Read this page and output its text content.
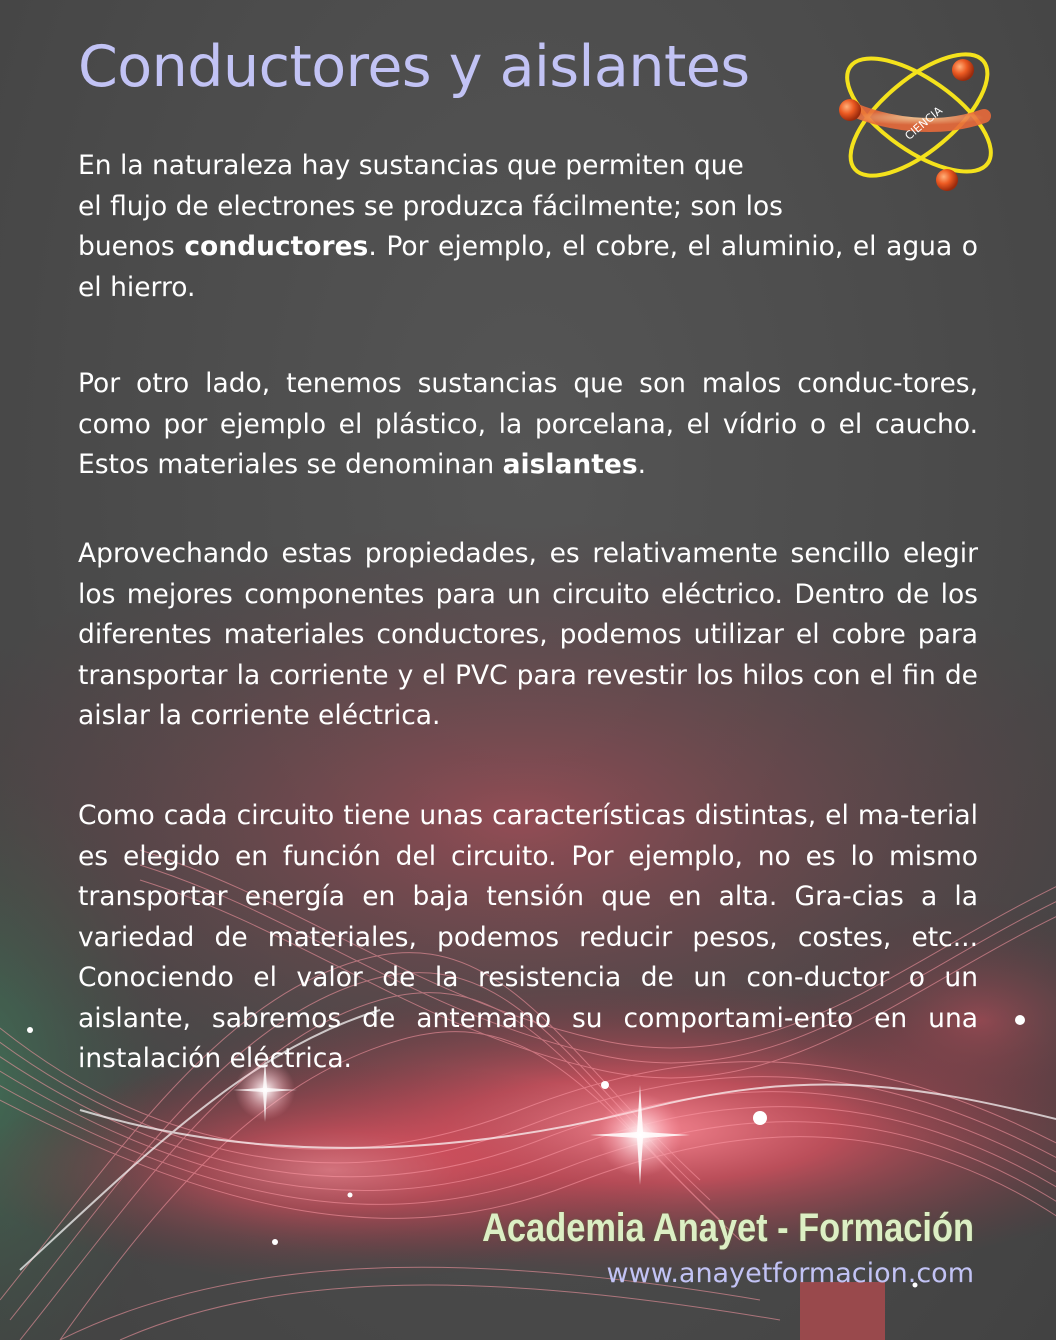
Conductores y aislantes
CIENCIA

En la naturaleza hay sustancias que permiten que
el flujo de electrones se produzca fácilmente; son los
buenos conductores. Por ejemplo, el cobre, el aluminio, el agua o el hierro.

Por otro lado, tenemos sustancias que son malos conduc-tores, como por ejemplo el plástico, la porcelana, el vídrio o el caucho. Estos materiales se denominan aislantes.

Aprovechando estas propiedades, es relativamente sencillo elegir los mejores componentes para un circuito eléctrico. Dentro de los diferentes materiales conductores, podemos utilizar el cobre para transportar la corriente y el PVC para revestir los hilos con el fin de aislar la corriente eléctrica.

Como cada circuito tiene unas características distintas, el ma-terial es elegido en función del circuito. Por ejemplo, no es lo mismo transportar energía en baja tensión que en alta. Gra-cias a la variedad de materiales, podemos reducir pesos, costes, etc... Conociendo el valor de la resistencia de un con-ductor o un aislante, sabremos de antemano su comportami-ento en una instalación eléctrica.

Academia Anayet - Formación

www.anayetformacion.com
